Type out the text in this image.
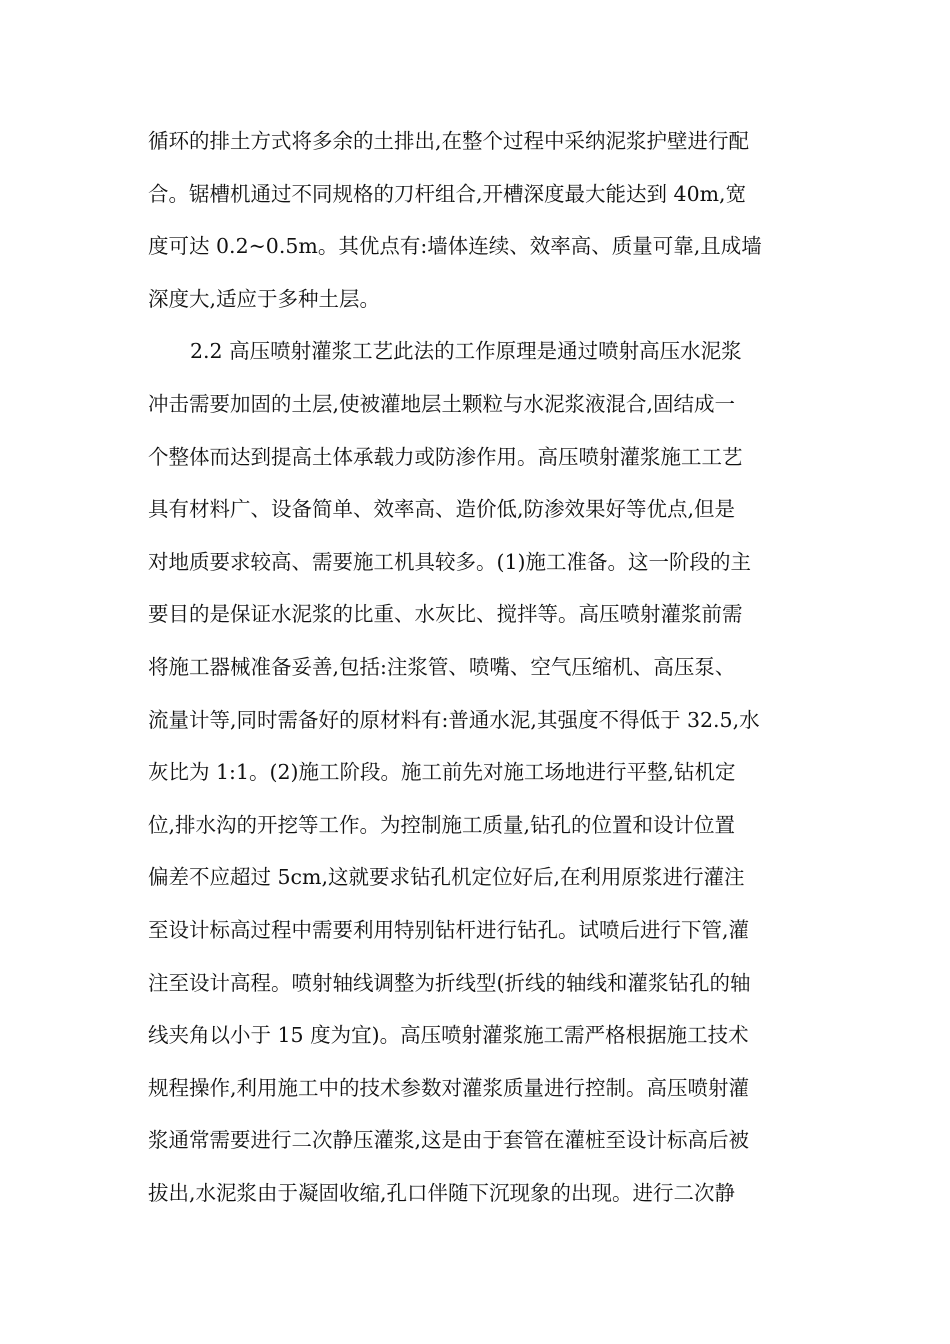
循环的排土方式将多余的土排出,在整个过程中采纳泥浆护壁进行配
合。锯槽机通过不同规格的刀杆组合,开槽深度最大能达到 40m,宽
度可达 0.2~0.5m。其优点有:墙体连续、效率高、质量可靠,且成墙
深度大,适应于多种土层。
2.2 高压喷射灌浆工艺此法的工作原理是通过喷射高压水泥浆
冲击需要加固的土层,使被灌地层土颗粒与水泥浆液混合,固结成一
个整体而达到提高土体承载力或防渗作用。高压喷射灌浆施工工艺
具有材料广、设备简单、效率高、造价低,防渗效果好等优点,但是
对地质要求较高、需要施工机具较多。(1)施工准备。这一阶段的主
要目的是保证水泥浆的比重、水灰比、搅拌等。高压喷射灌浆前需
将施工器械准备妥善,包括:注浆管、喷嘴、空气压缩机、高压泵、
流量计等,同时需备好的原材料有:普通水泥,其强度不得低于 32.5,水
灰比为 1:1。(2)施工阶段。施工前先对施工场地进行平整,钻机定
位,排水沟的开挖等工作。为控制施工质量,钻孔的位置和设计位置
偏差不应超过 5cm,这就要求钻孔机定位好后,在利用原浆进行灌注
至设计标高过程中需要利用特别钻杆进行钻孔。试喷后进行下管,灌
注至设计高程。喷射轴线调整为折线型(折线的轴线和灌浆钻孔的轴
线夹角以小于 15 度为宜)。高压喷射灌浆施工需严格根据施工技术
规程操作,利用施工中的技术参数对灌浆质量进行控制。高压喷射灌
浆通常需要进行二次静压灌浆,这是由于套管在灌桩至设计标高后被
拔出,水泥浆由于凝固收缩,孔口伴随下沉现象的出现。进行二次静
